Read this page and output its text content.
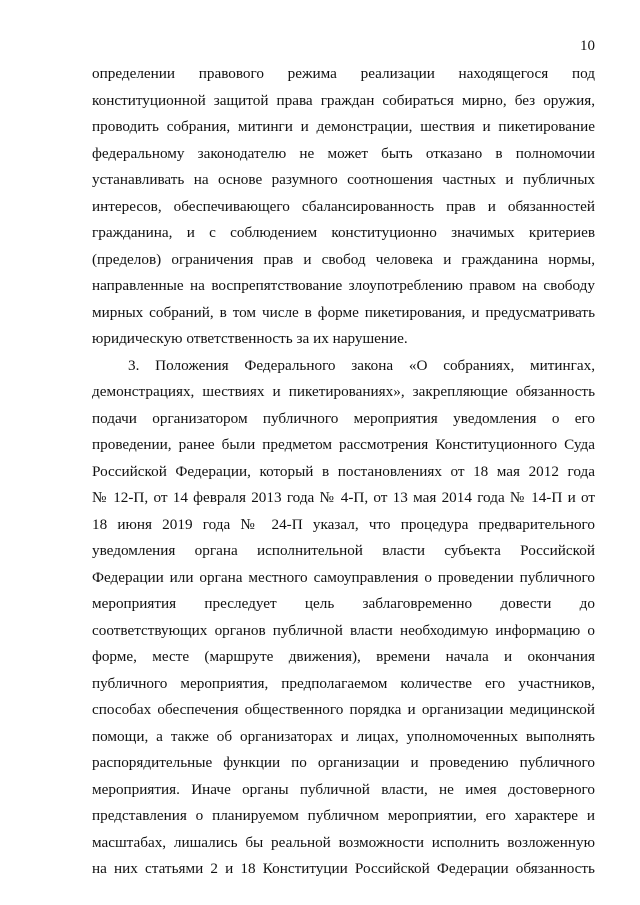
10
определении правового режима реализации находящегося под
конституционной защитой права граждан собираться мирно, без оружия,
проводить собрания, митинги и демонстрации, шествия и пикетирование
федеральному законодателю не может быть отказано в полномочии
устанавливать на основе разумного соотношения частных и публичных
интересов, обеспечивающего сбалансированность прав и обязанностей
гражданина, и с соблюдением конституционно значимых критериев
(пределов) ограничения прав и свобод человека и гражданина нормы,
направленные на воспрепятствование злоупотреблению правом на свободу
мирных собраний, в том числе в форме пикетирования, и предусматривать
юридическую ответственность за их нарушение.
3. Положения Федерального закона «О собраниях, митингах,
демонстрациях, шествиях и пикетированиях», закрепляющие обязанность
подачи организатором публичного мероприятия уведомления о его
проведении, ранее были предметом рассмотрения Конституционного Суда
Российской Федерации, который в постановлениях от 18 мая 2012 года
№ 12-П, от 14 февраля 2013 года № 4-П, от 13 мая 2014 года № 14-П и от
18 июня 2019 года № 24-П указал, что процедура предварительного
уведомления органа исполнительной власти субъекта Российской
Федерации или органа местного самоуправления о проведении публичного
мероприятия преследует цель заблаговременно довести до
соответствующих органов публичной власти необходимую информацию о
форме, месте (маршруте движения), времени начала и окончания
публичного мероприятия, предполагаемом количестве его участников,
способах обеспечения общественного порядка и организации медицинской
помощи, а также об организаторах и лицах, уполномоченных выполнять
распорядительные функции по организации и проведению публичного
мероприятия. Иначе органы публичной власти, не имея достоверного
представления о планируемом публичном мероприятии, его характере и
масштабах, лишались бы реальной возможности исполнить возложенную
на них статьями 2 и 18 Конституции Российской Федерации обязанность
